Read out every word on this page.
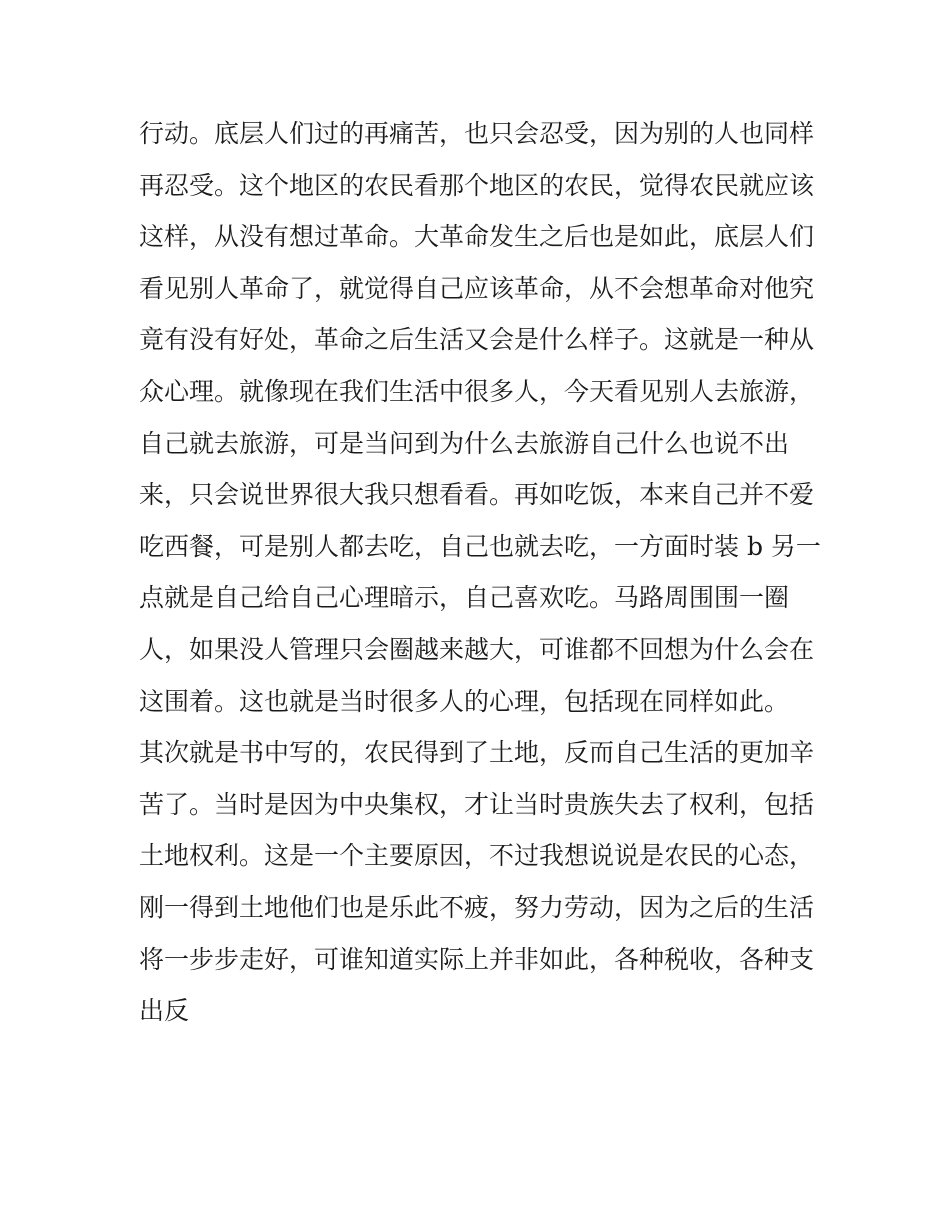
行动。底层人们过的再痛苦，也只会忍受，因为别的人也同样
再忍受。这个地区的农民看那个地区的农民，觉得农民就应该
这样，从没有想过革命。大革命发生之后也是如此，底层人们
看见别人革命了，就觉得自己应该革命，从不会想革命对他究
竟有没有好处，革命之后生活又会是什么样子。这就是一种从
众心理。就像现在我们生活中很多人，今天看见别人去旅游，
自己就去旅游，可是当问到为什么去旅游自己什么也说不出
来，只会说世界很大我只想看看。再如吃饭，本来自己并不爱
吃西餐，可是别人都去吃，自己也就去吃，一方面时装 b 另一
点就是自己给自己心理暗示，自己喜欢吃。马路周围围一圈
人，如果没人管理只会圈越来越大，可谁都不回想为什么会在
这围着。这也就是当时很多人的心理，包括现在同样如此。
其次就是书中写的，农民得到了土地，反而自己生活的更加辛
苦了。当时是因为中央集权，才让当时贵族失去了权利，包括
土地权利。这是一个主要原因，不过我想说说是农民的心态，
刚一得到土地他们也是乐此不疲，努力劳动，因为之后的生活
将一步步走好，可谁知道实际上并非如此，各种税收，各种支
出反
